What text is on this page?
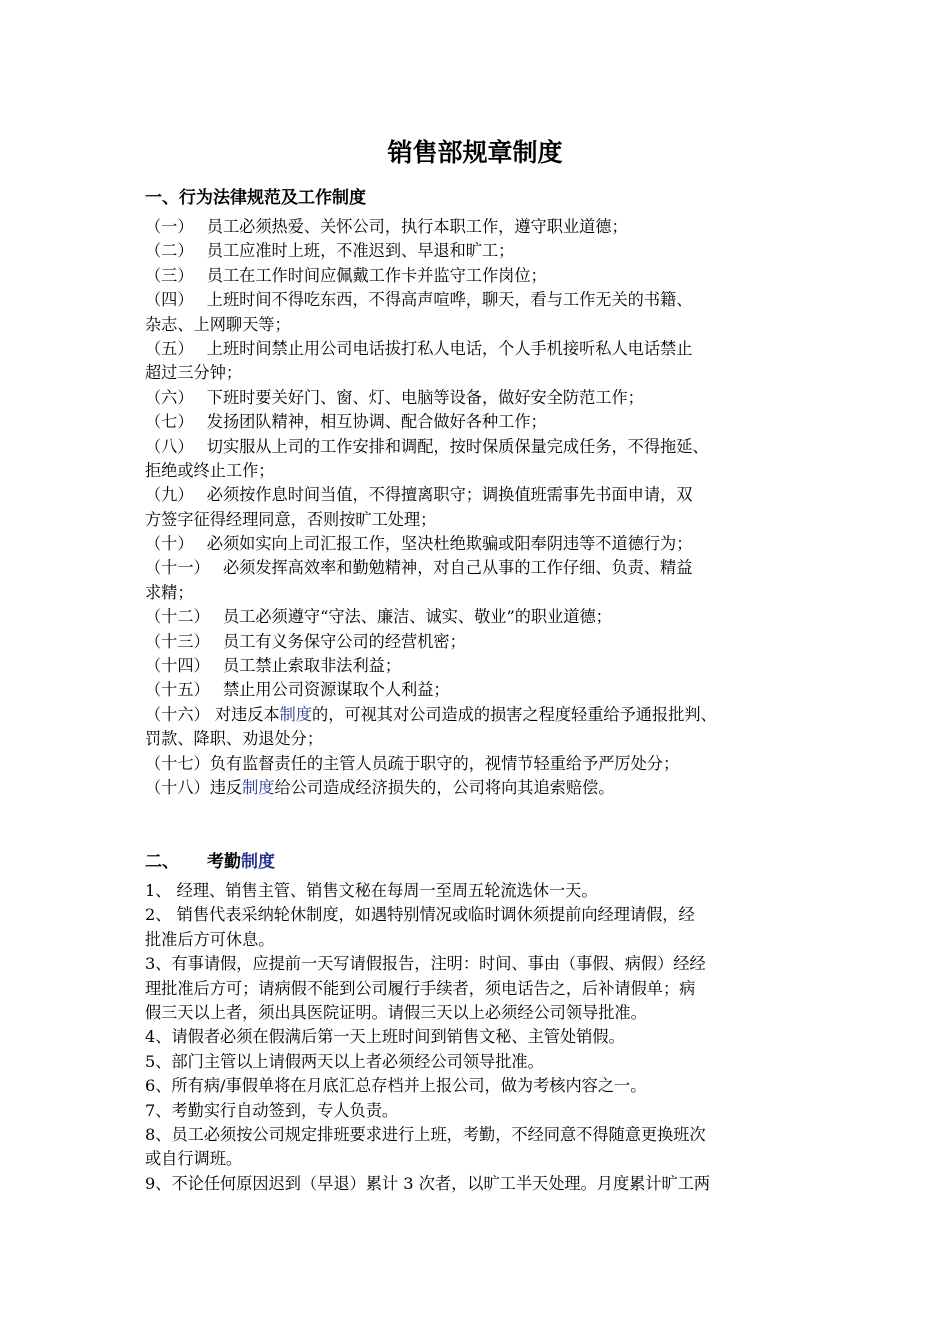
销售部规章制度
一、行为法律规范及工作制度
（一）　 员工必须热爱、关怀公司，执行本职工作，遵守职业道德；
（二）　 员工应准时上班，不准迟到、早退和旷工；
（三）　 员工在工作时间应佩戴工作卡并监守工作岗位；
（四）　 上班时间不得吃东西，不得高声喧哗，聊天，看与工作无关的书籍、
杂志、上网聊天等；
（五）　 上班时间禁止用公司电话拔打私人电话，个人手机接听私人电话禁止
超过三分钟；
（六）　 下班时要关好门、窗、灯、电脑等设备，做好安全防范工作；
（七）　 发扬团队精神，相互协调、配合做好各种工作；
（八）　 切实服从上司的工作安排和调配，按时保质保量完成任务，不得拖延、
拒绝或终止工作；
（九）　 必须按作息时间当值，不得擅离职守；调换值班需事先书面申请，双
方签字征得经理同意，否则按旷工处理；
（十）　 必须如实向上司汇报工作，坚决杜绝欺骗或阳奉阴违等不道德行为；
（十一）　 必须发挥高效率和勤勉精神，对自己从事的工作仔细、负责、精益
求精；
（十二）　 员工必须遵守“守法、廉洁、诚实、敬业”的职业道德；
（十三）　 员工有义务保守公司的经营机密；
（十四）　 员工禁止索取非法利益；
（十五）　 禁止用公司资源谋取个人利益；
（十六） 对违反本制度的，可视其对公司造成的损害之程度轻重给予通报批判、
罚款、降职、劝退处分；
（十七）负有监督责任的主管人员疏于职守的，视情节轻重给予严厉处分；
（十八）违反制度给公司造成经济损失的，公司将向其追索赔偿。
二、 考勤制度
1、 经理、销售主管、销售文秘在每周一至周五轮流选休一天。
2、 销售代表采纳轮休制度，如遇特别情况或临时调休须提前向经理请假，经
批准后方可休息。
3、有事请假，应提前一天写请假报告，注明：时间、事由（事假、病假）经经
理批准后方可；请病假不能到公司履行手续者，须电话告之，后补请假单；病
假三天以上者，须出具医院证明。请假三天以上必须经公司领导批准。
4、请假者必须在假满后第一天上班时间到销售文秘、主管处销假。
5、部门主管以上请假两天以上者必须经公司领导批准。
6、所有病/事假单将在月底汇总存档并上报公司，做为考核内容之一。
7、考勤实行自动签到，专人负责。
8、员工必须按公司规定排班要求进行上班，考勤，不经同意不得随意更换班次
或自行调班。
9、不论任何原因迟到（早退）累计 3 次者，以旷工半天处理。月度累计旷工两
